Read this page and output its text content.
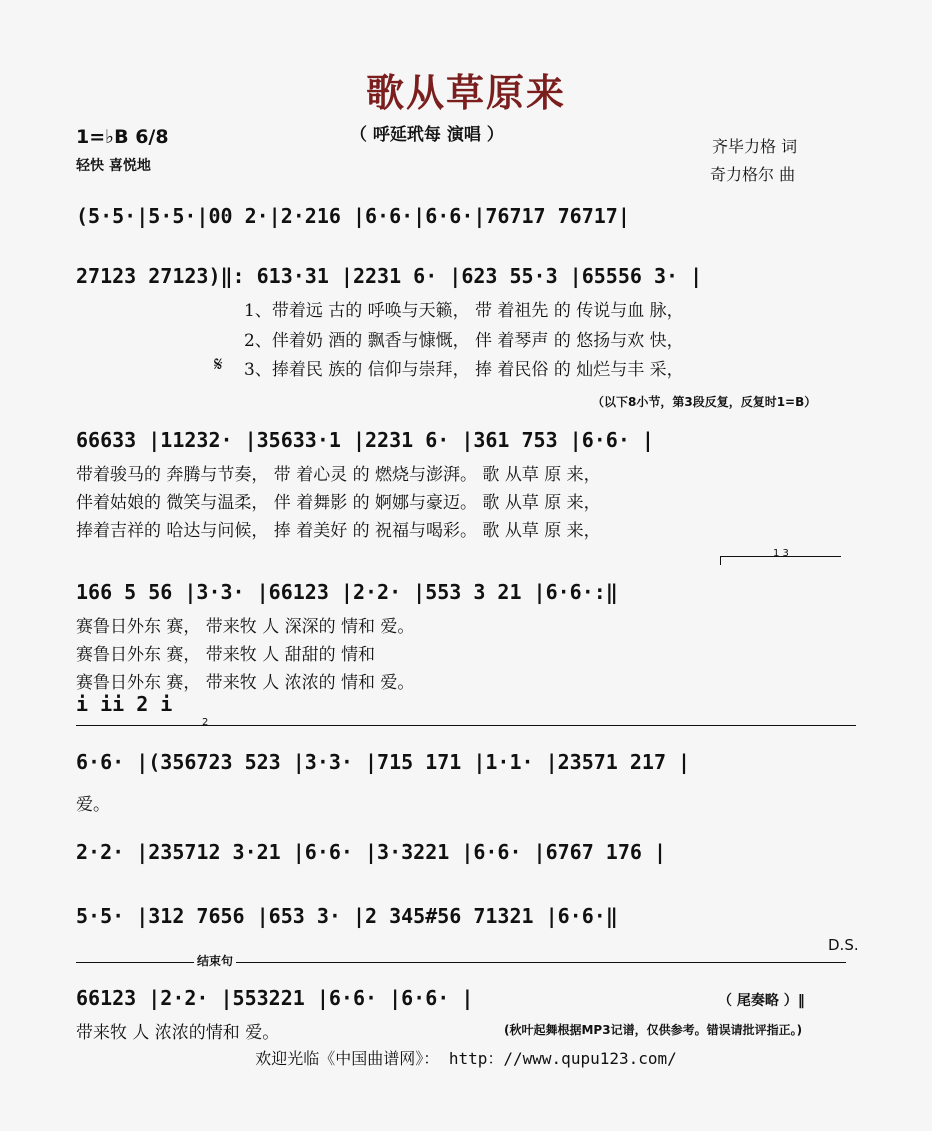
歌从草原来
（ 呼延玳每 演唱 ）
1=♭B 6/8
轻快 喜悦地
齐毕力格 词
奇力格尔 曲
(5·5·|5·5·|00 2·|2·216 |6·6·|6·6·|76717 76717|
27123 27123)‖: 613·31 |2231 6· |623 55·3 |65556 3· |
1、带着远 古的 呼唤与天籁， 带 着祖先 的 传说与血 脉，
2、伴着奶 酒的 飘香与慷慨， 伴 着琴声 的 悠扬与欢 快，
3、捧着民 族的 信仰与崇拜， 捧 着民俗 的 灿烂与丰 采，
𝄋
（以下8小节，第3段反复，反复时1=B）
66633 |11232· |35633·1 |2231 6· |361 753 |6·6· |
带着骏马的 奔腾与节奏， 带 着心灵 的 燃烧与澎湃。 歌 从草 原 来，
伴着姑娘的 微笑与温柔， 伴 着舞影 的 婀娜与豪迈。 歌 从草 原 来，
捧着吉祥的 哈达与问候， 捧 着美好 的 祝福与喝彩。 歌 从草 原 来，
1 3
166 5 56 |3·3· |66123 |2·2· |553 3 21 |6·6·:‖
赛鲁日外东 赛， 带来牧 人 深深的 情和 爱。
赛鲁日外东 赛， 带来牧 人 甜甜的 情和
赛鲁日外东 赛， 带来牧 人 浓浓的 情和 爱。
i ii 2 i
2
6·6· |(356723 523 |3·3· |715 171 |1·1· |23571 217 |
爱。
2·2· |235712 3·21 |6·6· |3·3221 |6·6· |6767 176 |
5·5· |312 7656 |653 3· |2 345#56 71321 |6·6·‖
D.S.
结束句
66123 |2·2· |553221 |6·6· |6·6· |	（ 尾奏略 ）‖
带来牧 人 浓浓的情和 爱。	(秋叶起舞根据MP3记谱，仅供参考。错误请批评指正。)
欢迎光临《中国曲谱网》： http：//www.qupu123.com/
